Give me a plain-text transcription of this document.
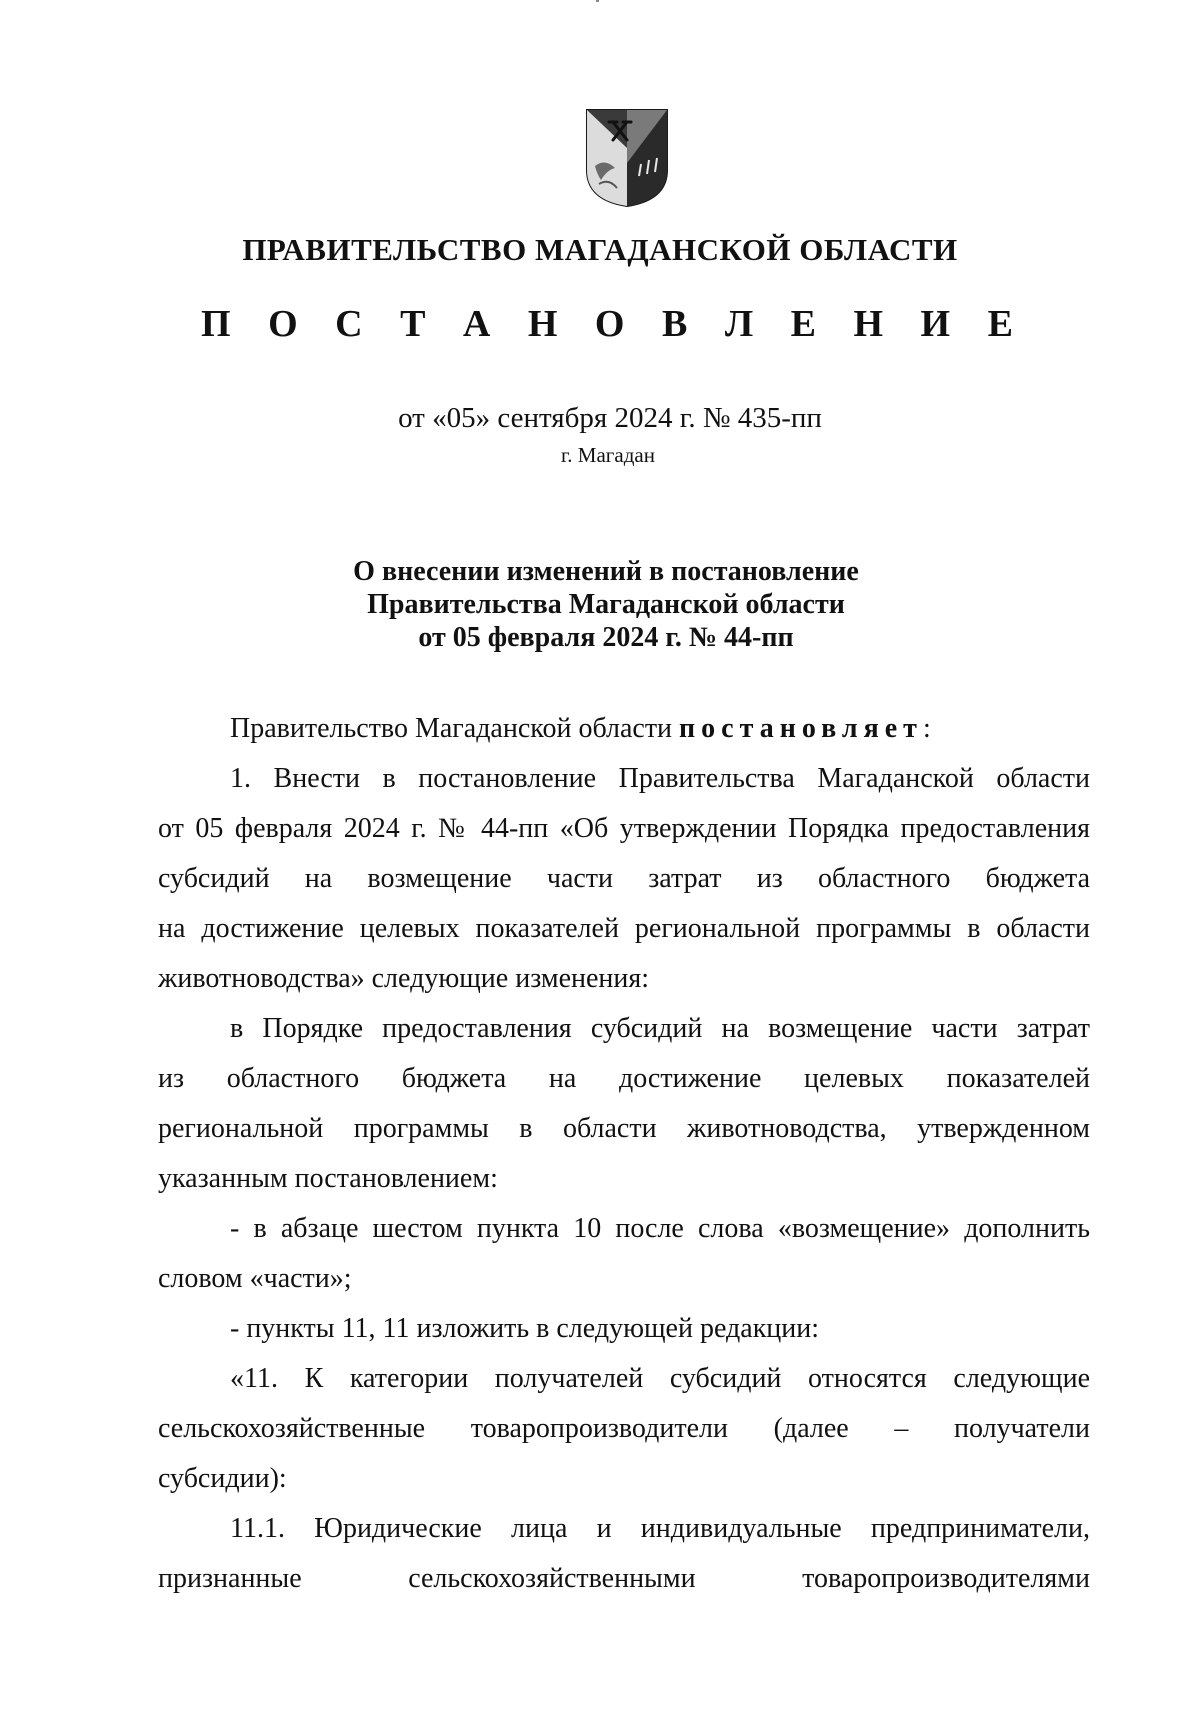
ПРАВИТЕЛЬСТВО МАГАДАНСКОЙ ОБЛАСТИ
П О С Т А Н О В Л Е Н И Е
от «05» сентября 2024 г. № 435-пп
г. Магадан
О внесении изменений в постановление
Правительства Магаданской области
от 05 февраля 2024 г. № 44-пп
Правительство Магаданской области постановляет:
1. Внести в постановление Правительства Магаданской области
от 05 февраля 2024 г. № 44-пп «Об утверждении Порядка предоставления
субсидий на возмещение части затрат из областного бюджета
на достижение целевых показателей региональной программы в области
животноводства» следующие изменения:
в Порядке предоставления субсидий на возмещение части затрат
из областного бюджета на достижение целевых показателей
региональной программы в области животноводства, утвержденном
указанным постановлением:
- в абзаце шестом пункта 10 после слова «возмещение» дополнить
словом «части»;
- пункты 11, 11 изложить в следующей редакции:
«11. К категории получателей субсидий относятся следующие
сельскохозяйственные товаропроизводители (далее – получатели
субсидии):
11.1. Юридические лица и индивидуальные предприниматели,
признанные сельскохозяйственными товаропроизводителями
